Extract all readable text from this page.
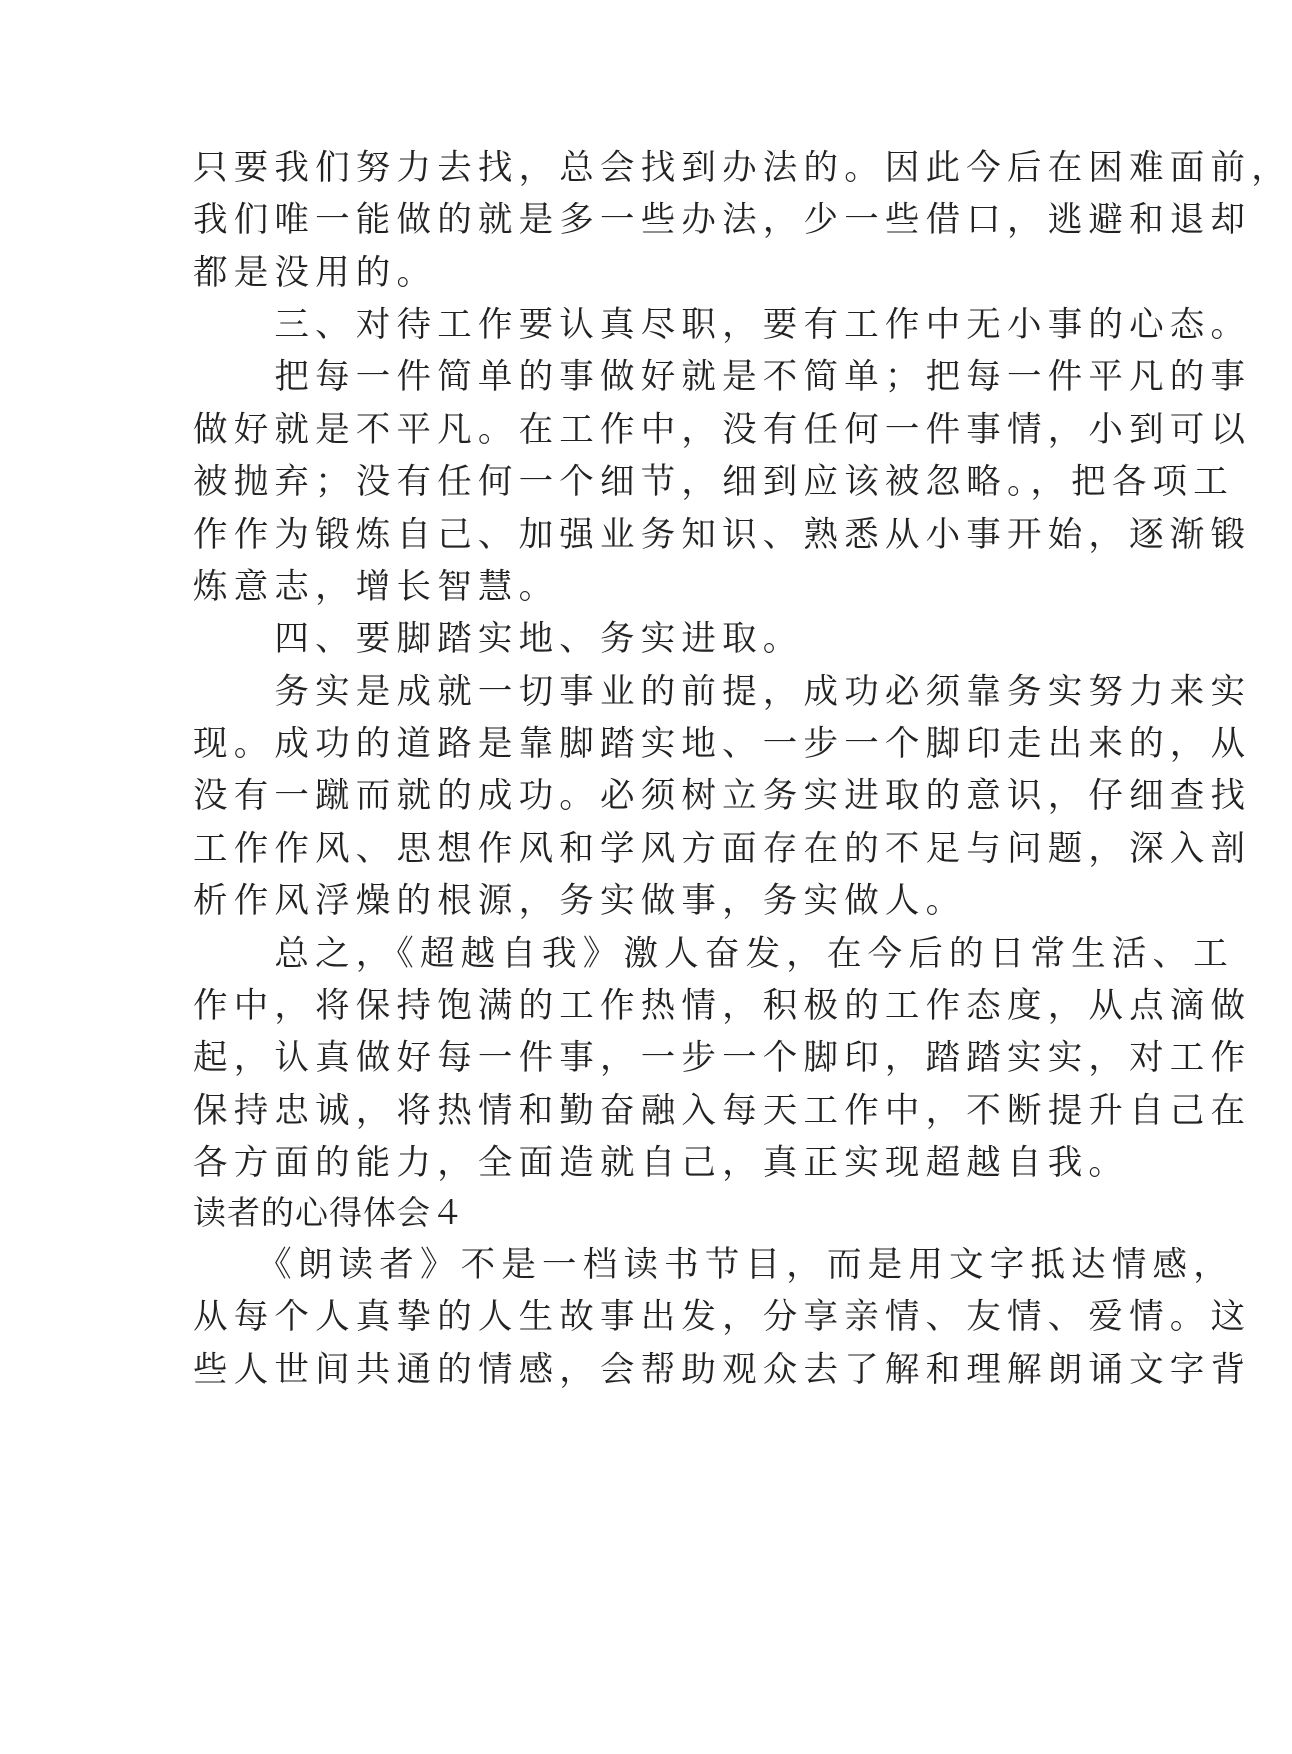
只要我们努力去找，总会找到办法的。因此今后在困难面前，
我们唯一能做的就是多一些办法，少一些借口，逃避和退却
都是没用的。
　　三、对待工作要认真尽职，要有工作中无小事的心态。
　　把每一件简单的事做好就是不简单；把每一件平凡的事
做好就是不平凡。在工作中，没有任何一件事情，小到可以
被抛弃；没有任何一个细节，细到应该被忽略。，把各项工
作作为锻炼自己、加强业务知识、熟悉从小事开始，逐渐锻
炼意志，增长智慧。
　　四、要脚踏实地、务实进取。
　　务实是成就一切事业的前提，成功必须靠务实努力来实
现。成功的道路是靠脚踏实地、一步一个脚印走出来的，从
没有一蹴而就的成功。必须树立务实进取的意识，仔细查找
工作作风、思想作风和学风方面存在的不足与问题，深入剖
析作风浮燥的根源，务实做事，务实做人。
　　总之，《超越自我》激人奋发，在今后的日常生活、工
作中，将保持饱满的工作热情，积极的工作态度，从点滴做
起，认真做好每一件事，一步一个脚印，踏踏实实，对工作
保持忠诚，将热情和勤奋融入每天工作中，不断提升自己在
各方面的能力，全面造就自己，真正实现超越自我。
读者的心得体会４
　　《朗读者》不是一档读书节目，而是用文字抵达情感，
从每个人真挚的人生故事出发，分享亲情、友情、爱情。这
些人世间共通的情感，会帮助观众去了解和理解朗诵文字背
